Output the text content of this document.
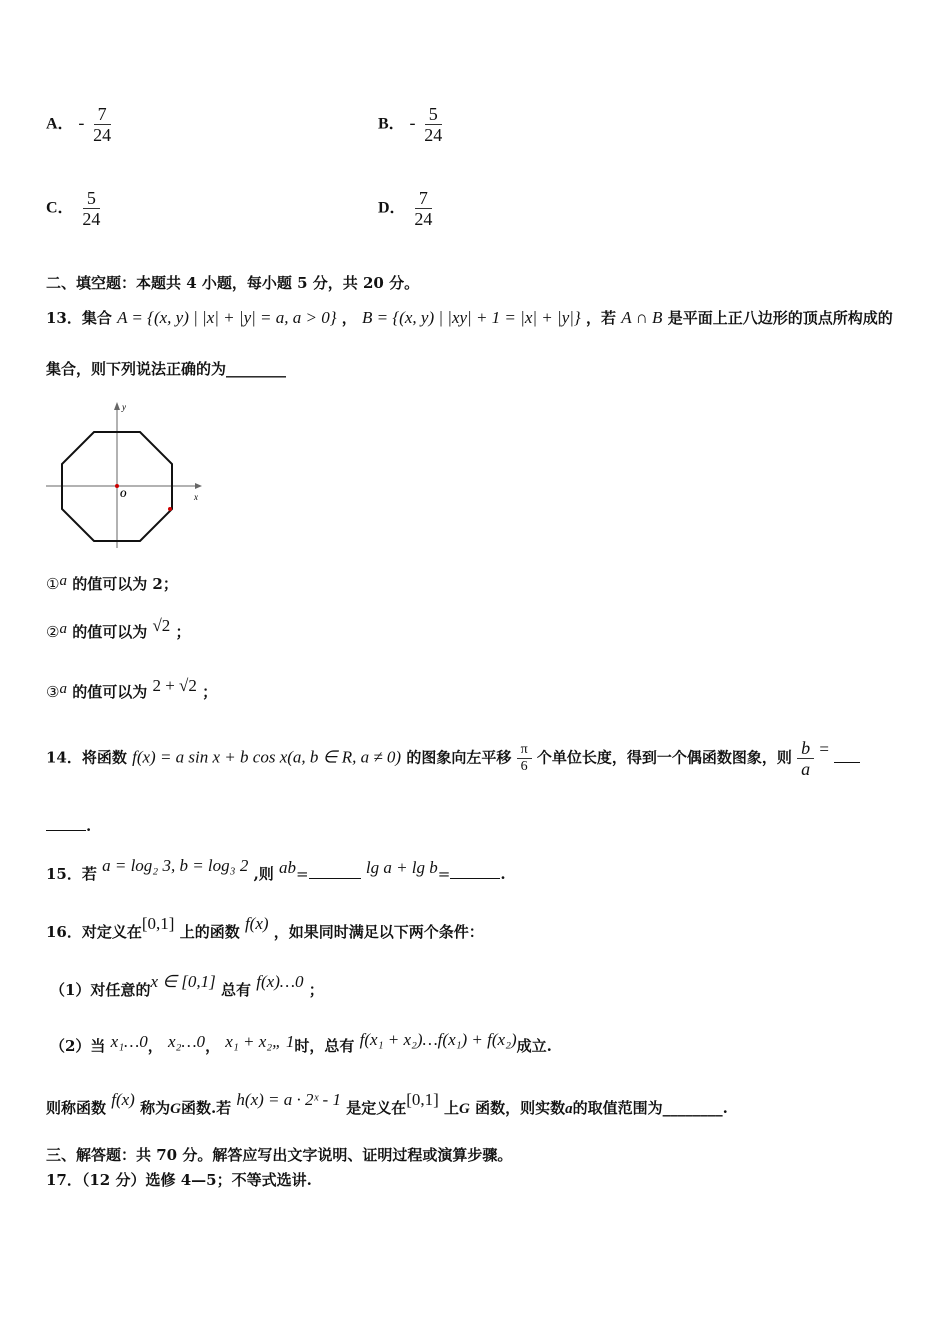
A． - $\frac{7}{24}$	B． - $\frac{5}{24}$
C． $\frac{5}{24}$	D． $\frac{7}{24}$
二、填空题：本题共 4 小题，每小题 5 分，共 20 分。
13．集合 A = {(x, y) | |x| + |y| = a, a > 0} ， B = {(x, y) | |xy| + 1 = |x| + |y|} ，若 A ∩ B 是平面上正八边形的顶点所构成的
集合，则下列说法正确的为________
y
x
O
①a 的值可以为 2；
②a 的值可以为 √2 ；
③a 的值可以为 2 + √2 ；
14．将函数 f(x) = a sin x + b cos x(a, b ∈ R, a ≠ 0) 的图象向左平移 $\frac{\pi}{6}$ 个单位长度，得到一个偶函数图象，则 $\frac{b}{a}$ =
.
15．若 a = log₂ 3, b = log₃ 2 ,则 ab=	lg a + lg b=	.
16．对定义在[0,1] 上的函数 f(x) ，如果同时满足以下两个条件：
（1）对任意的x ∈ [0,1] 总有 f(x)…0 ；
（2）当 x₁…0， x₂…0， x₁ + x₂„ 1时，总有 f(x₁ + x₂)…f(x₁) + f(x₂)成立.
则称函数 f(x) 称为G函数.若 h(x) = a · 2ˣ - 1 是定义在[0,1] 上G 函数，则实数a的取值范围为________.
三、解答题：共 70 分。解答应写出文字说明、证明过程或演算步骤。
17．（12 分）选修 4—5；不等式选讲.
